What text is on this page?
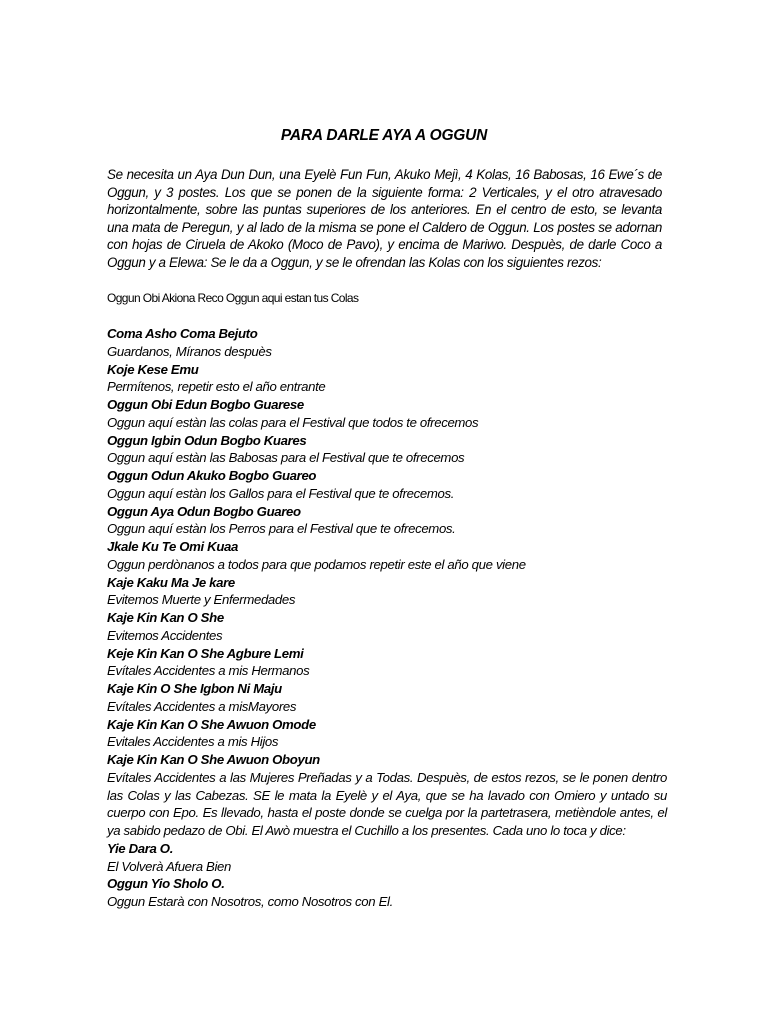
PARA DARLE AYA A OGGUN
Se necesita un Aya Dun Dun, una Eyelè Fun Fun, Akuko Mejì, 4 Kolas, 16 Babosas, 16 Ewe´s de Oggun, y 3 postes. Los que se ponen de la siguiente forma: 2 Verticales, y el otro atravesado horizontalmente, sobre las puntas superiores de los anteriores. En el centro de esto, se levanta una mata de Peregun, y al lado de la misma se pone el Caldero de Oggun. Los postes se adornan con hojas de Ciruela de Akoko (Moco de Pavo), y encima de Mariwo. Despuès, de darle Coco a Oggun y a Elewa: Se le da a Oggun, y se le ofrendan las Kolas con los siguientes rezos:
Oggun Obi Akiona Reco Oggun aqui estan tus Colas
Coma Asho Coma Bejuto
Guardanos, Míranos despuès
Koje Kese Emu
Permítenos, repetir esto el año entrante
Oggun Obi Edun Bogbo Guarese
Oggun aquí estàn las colas para el Festival que todos te ofrecemos
Oggun Igbin Odun Bogbo Kuares
Oggun aquí estàn las Babosas para el Festival que te ofrecemos
Oggun Odun Akuko Bogbo Guareo
Oggun aquí estàn los Gallos para el Festival que te ofrecemos.
Oggun Aya Odun Bogbo Guareo
Oggun aquí estàn los Perros para el Festival que te ofrecemos.
Jkale Ku Te Omi Kuaa
Oggun perdònanos a todos para que podamos repetir este el año que viene
Kaje Kaku Ma Je kare
Evitemos Muerte y Enfermedades
Kaje Kin Kan O She
Evitemos Accidentes
Keje Kin Kan O She Agbure Lemi
Evítales Accidentes a mis Hermanos
Kaje Kin O She Igbon Ni Maju
Evítales Accidentes a misMayores
Kaje Kin Kan O She Awuon Omode
Evitales Accidentes a mis Hijos
Kaje Kin Kan O She Awuon Oboyun
Evítales Accidentes a las Mujeres Preñadas y a Todas. Despuès, de estos rezos, se le ponen dentro las Colas y las Cabezas. SE le mata la Eyelè y el Aya, que se ha lavado con Omiero y untado su cuerpo con Epo. Es llevado, hasta el poste donde se cuelga por la partetrasera, metièndole antes, el ya sabido pedazo de Obi. El Awò muestra el Cuchillo a los presentes. Cada uno lo toca y dice:
Yie Dara O.
El Volverà Afuera Bien
Oggun Yio Sholo O.
Oggun Estarà con Nosotros, como Nosotros con El.
